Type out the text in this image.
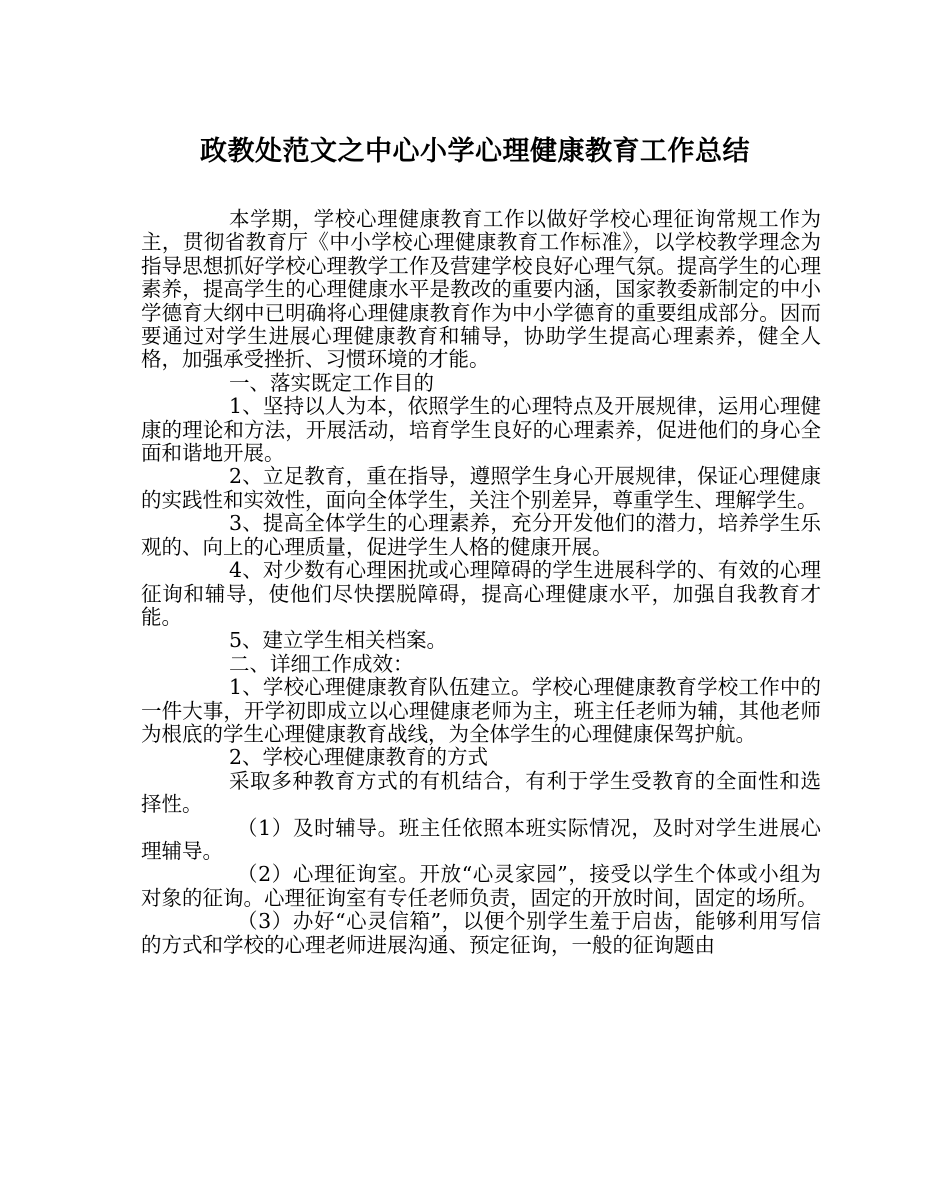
政教处范文之中心小学心理健康教育工作总结

本学期，学校心理健康教育工作以做好学校心理征询常规工作为主，贯彻省教育厅《中小学校心理健康教育工作标准》，以学校教学理念为指导思想抓好学校心理教学工作及营建学校良好心理气氛。提高学生的心理素养，提高学生的心理健康水平是教改的重要内涵，国家教委新制定的中小学德育大纲中已明确将心理健康教育作为中小学德育的重要组成部分。因而要通过对学生进展心理健康教育和辅导，协助学生提高心理素养，健全人格，加强承受挫折、习惯环境的才能。

一、落实既定工作目的

1、坚持以人为本，依照学生的心理特点及开展规律，运用心理健康的理论和方法，开展活动，培育学生良好的心理素养，促进他们的身心全面和谐地开展。

2、立足教育，重在指导，遵照学生身心开展规律，保证心理健康的实践性和实效性，面向全体学生，关注个别差异，尊重学生、理解学生。

3、提高全体学生的心理素养，充分开发他们的潜力，培养学生乐观的、向上的心理质量，促进学生人格的健康开展。

4、对少数有心理困扰或心理障碍的学生进展科学的、有效的心理征询和辅导，使他们尽快摆脱障碍，提高心理健康水平，加强自我教育才能。

5、建立学生相关档案。

二、详细工作成效：

1、学校心理健康教育队伍建立。学校心理健康教育学校工作中的一件大事，开学初即成立以心理健康老师为主，班主任老师为辅，其他老师为根底的学生心理健康教育战线，为全体学生的心理健康保驾护航。

2、学校心理健康教育的方式

采取多种教育方式的有机结合，有利于学生受教育的全面性和选择性。

（1）及时辅导。班主任依照本班实际情况，及时对学生进展心理辅导。

（2）心理征询室。开放“心灵家园”，接受以学生个体或小组为对象的征询。心理征询室有专任老师负责，固定的开放时间，固定的场所。

（3）办好“心灵信箱”，以便个别学生羞于启齿，能够利用写信的方式和学校的心理老师进展沟通、预定征询，一般的征询题由
